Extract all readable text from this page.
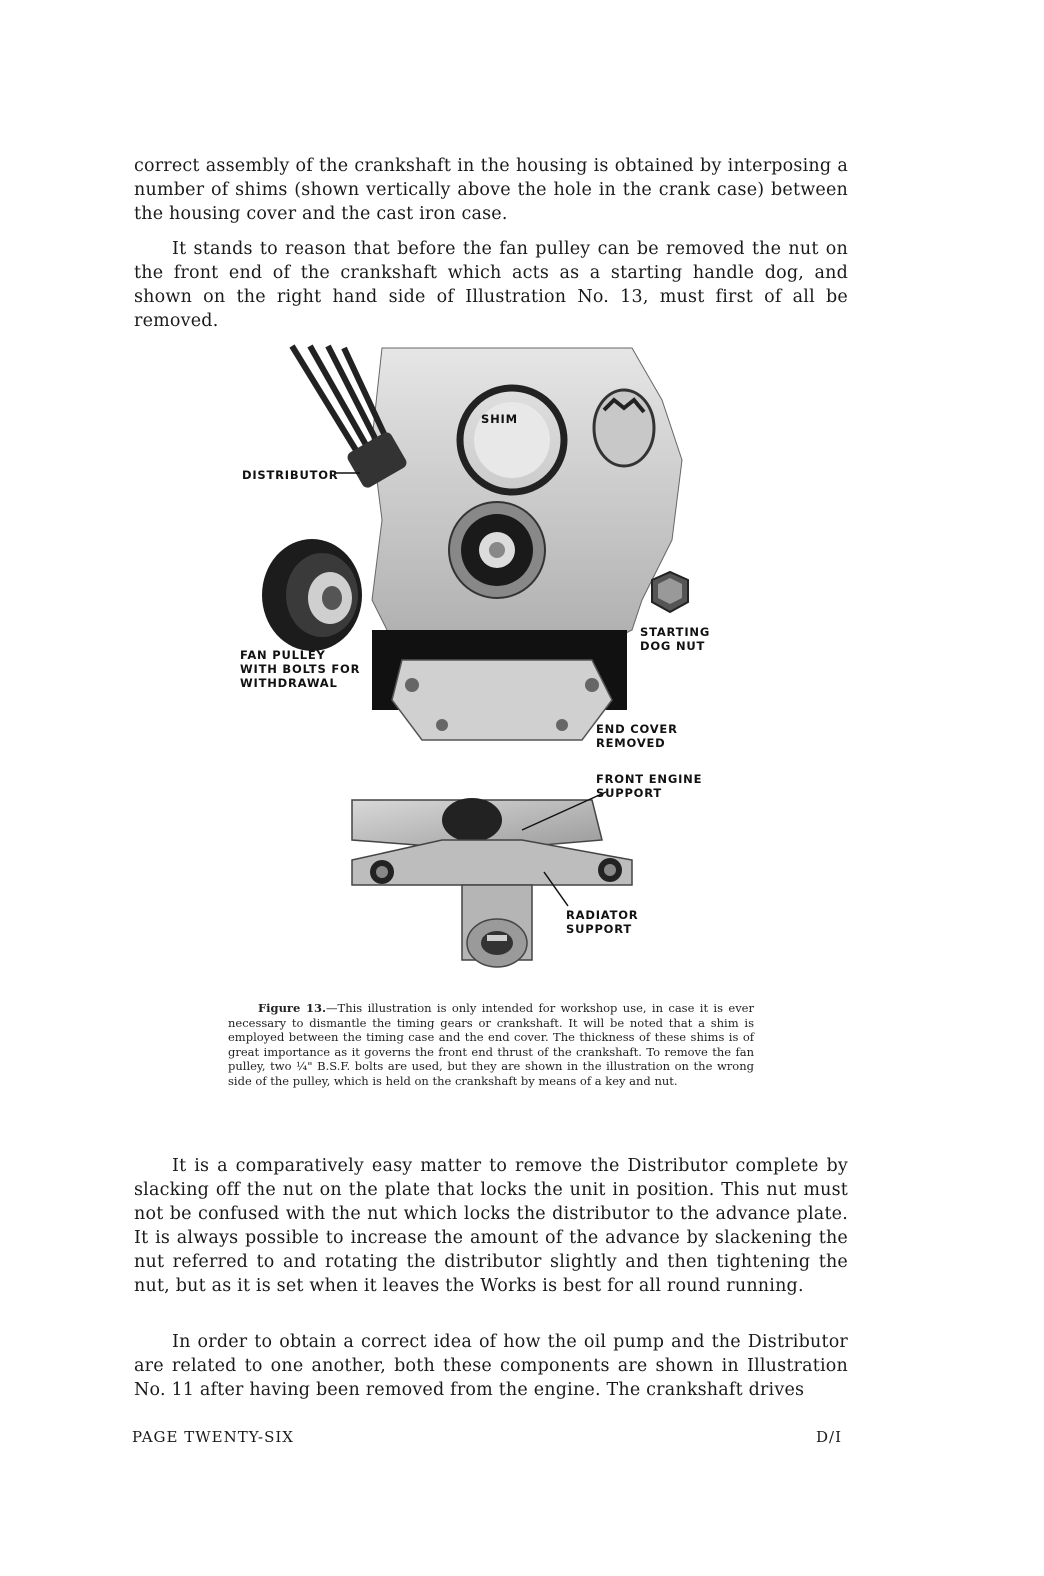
correct assembly of the crankshaft in the housing is obtained by interposing a number of shims (shown vertically above the hole in the crank case) between the housing cover and the cast iron case.

It stands to reason that before the fan pulley can be removed the nut on the front end of the crankshaft which acts as a starting handle dog, and shown on the right hand side of Illustration No. 13, must first of all be removed.

SHIM

DISTRIBUTOR

FAN PULLEY
WITH BOLTS FOR
WITHDRAWAL

STARTING
DOG NUT

END COVER
REMOVED

FRONT ENGINE
SUPPORT

RADIATOR
SUPPORT

Figure 13.—This illustration is only intended for workshop use, in case it is ever necessary to dismantle the timing gears or crankshaft. It will be noted that a shim is employed between the timing case and the end cover. The thickness of these shims is of great importance as it governs the front end thrust of the crankshaft. To remove the fan pulley, two ¼" B.S.F. bolts are used, but they are shown in the illustration on the wrong side of the pulley, which is held on the crankshaft by means of a key and nut.

It is a comparatively easy matter to remove the Distributor complete by slacking off the nut on the plate that locks the unit in position. This nut must not be confused with the nut which locks the distributor to the advance plate. It is always possible to increase the amount of the advance by slackening the nut referred to and rotating the distributor slightly and then tightening the nut, but as it is set when it leaves the Works is best for all round running.

In order to obtain a correct idea of how the oil pump and the Distributor are related to one another, both these components are shown in Illustration No. 11 after having been removed from the engine. The crankshaft drives

PAGE TWENTY-SIX	D/I
